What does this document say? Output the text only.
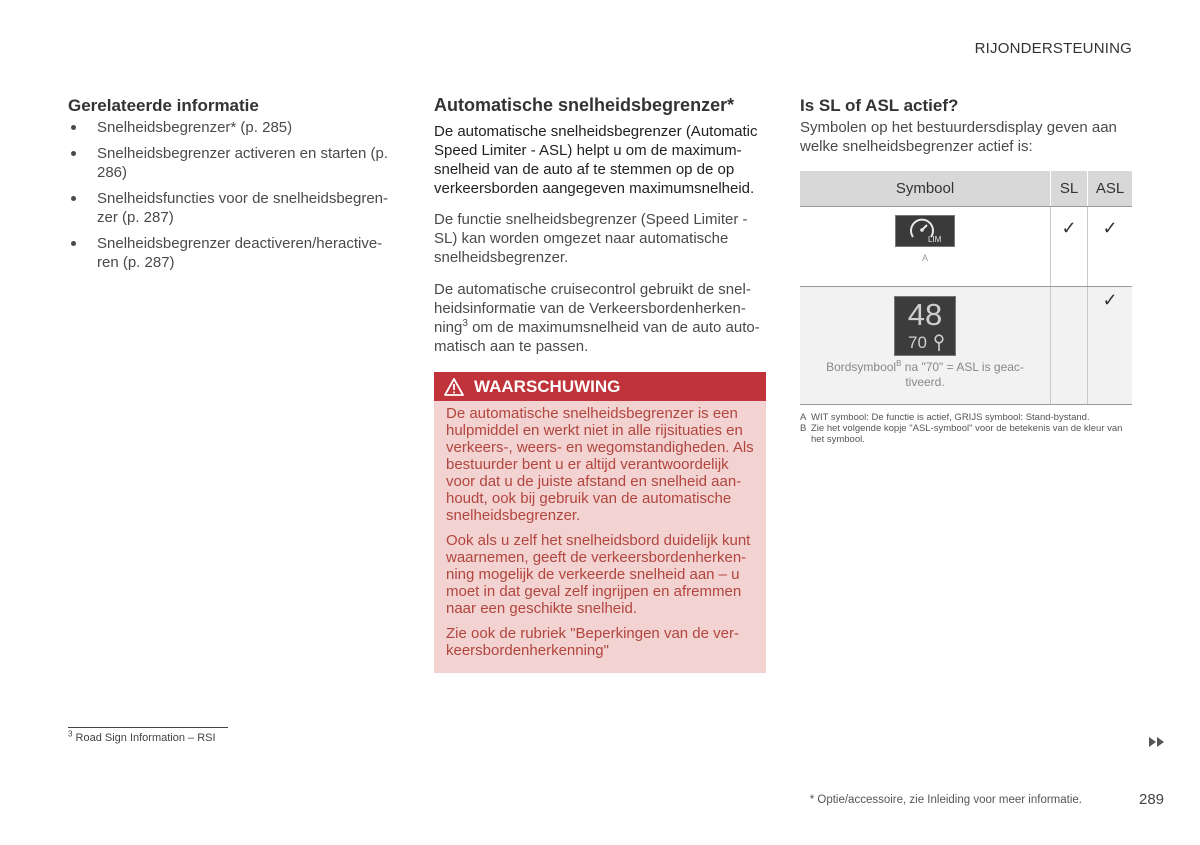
RIJONDERSTEUNING
Gerelateerde informatie
Snelheidsbegrenzer* (p. 285)
Snelheidsbegrenzer activeren en starten (p. 286)
Snelheidsfuncties voor de snelheidsbegren-zer (p. 287)
Snelheidsbegrenzer deactiveren/heractive-ren (p. 287)
Automatische snelheidsbegrenzer*

De automatische snelheidsbegrenzer (Automatic Speed Limiter - ASL) helpt u om de maximum-snelheid van de auto af te stemmen op de op verkeersborden aangegeven maximumsnelheid.

De functie snelheidsbegrenzer (Speed Limiter - SL) kan worden omgezet naar automatische snelheidsbegrenzer.

De automatische cruisecontrol gebruikt de snel-heidsinformatie van de Verkeersbordenherken-ning$^3$ om de maximumsnelheid van de auto auto-matisch aan te passen.

WAARSCHUWING

De automatische snelheidsbegrenzer is een hulpmiddel en werkt niet in alle rijsituaties en verkeers-, weers- en wegomstandigheden. Als bestuurder bent u er altijd verantwoordelijk voor dat u de juiste afstand en snelheid aan-houdt, ook bij gebruik van de automatische snelheidsbegrenzer.

Ook als u zelf het snelheidsbord duidelijk kunt waarnemen, geeft de verkeersbordenherken-ning mogelijk de verkeerde snelheid aan – u moet in dat geval zelf ingrijpen en afremmen naar een geschikte snelheid.

Zie ook de rubriek "Beperkingen van de ver-keersbordenherkenning"

Is SL of ASL actief?

Symbolen op het bestuurdersdisplay geven aan welke snelheidsbegrenzer actief is:

Symbool	SL	ASL

LIM
A	✓	✓

48
70
Bordsymbool$^B$ na "70" = ASL is geac-tiveerd.		✓
A WIT symbool: De functie is actief, GRIJS symbool: Stand-bystand.
B Zie het volgende kopje "ASL-symbool" voor de betekenis van de kleur van het symbool.
$^3$ Road Sign Information – RSI
* Optie/accessoire, zie Inleiding voor meer informatie.	289
